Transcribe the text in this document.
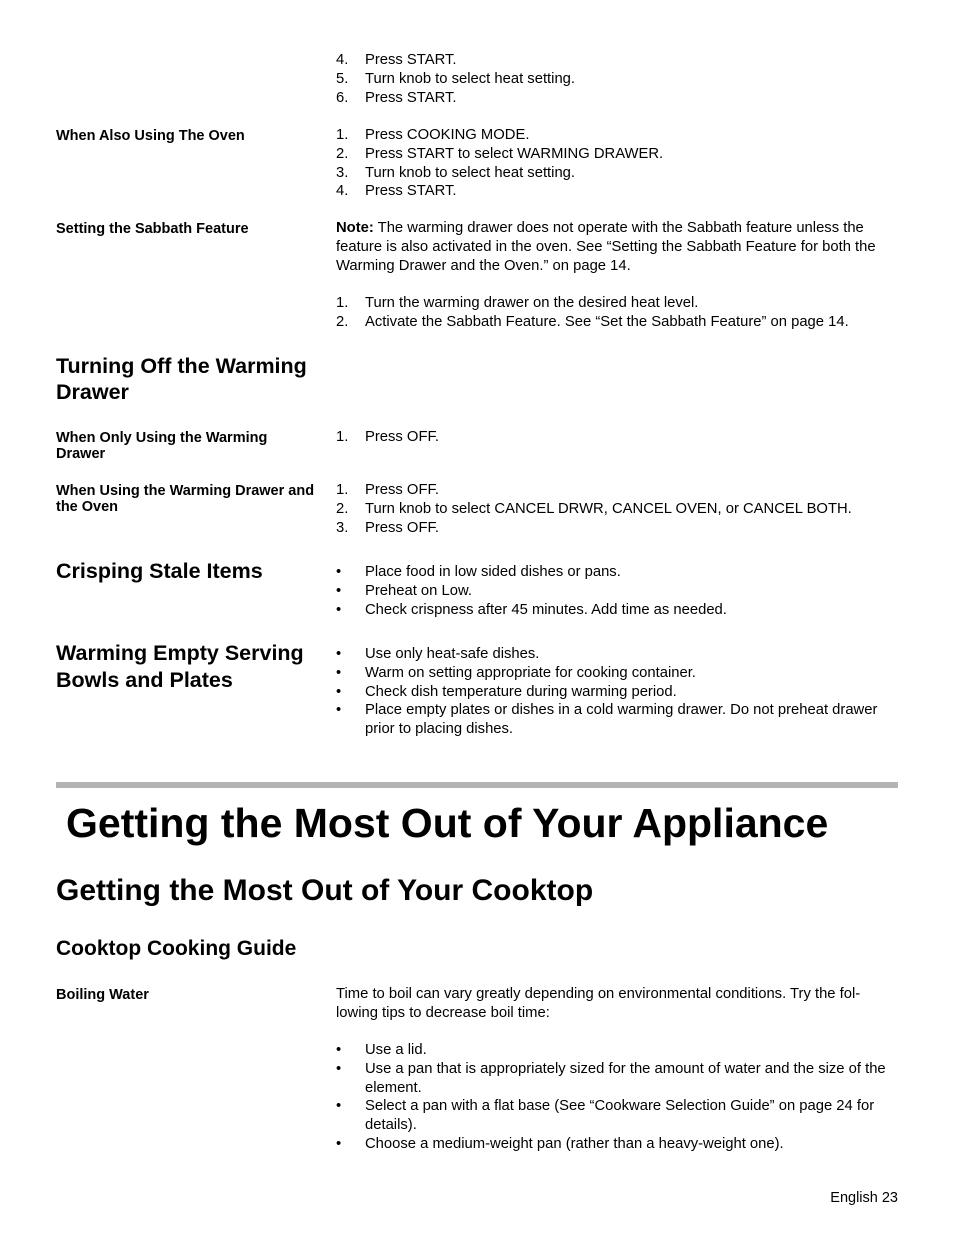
4.	Press START.
5.	Turn knob to select heat setting.
6.	Press START.
When Also Using The Oven	1.	Press COOKING MODE.
2.	Press START to select WARMING DRAWER.
3.	Turn knob to select heat setting.
4.	Press START.
Setting the Sabbath Feature	Note: The warming drawer does not operate with the Sabbath feature unless the feature is also activated in the oven. See “Setting the Sabbath Feature for both the Warming Drawer and the Oven.” on page 14.
1.	Turn the warming drawer on the desired heat level.
2.	Activate the Sabbath Feature. See “Set the Sabbath Feature” on page 14.
Turning Off the Warming Drawer
When Only Using the Warming Drawer
1.	Press OFF.
When Using the Warming Drawer and the Oven
1.	Press OFF.
2.	Turn knob to select CANCEL DRWR, CANCEL OVEN, or CANCEL BOTH.
3.	Press OFF.
Crisping Stale Items	•	Place food in low sided dishes or pans.
•	Preheat on Low.
•	Check crispness after 45 minutes. Add time as needed.
Warming Empty Serving Bowls and Plates
•	Use only heat-safe dishes.
•	Warm on setting appropriate for cooking container.
•	Check dish temperature during warming period.
•	Place empty plates or dishes in a cold warming drawer. Do not preheat drawer prior to placing dishes.
Getting the Most Out of Your Appliance
Getting the Most Out of Your Cooktop
Cooktop Cooking Guide
Boiling Water	Time to boil can vary greatly depending on environmental conditions. Try the fol-lowing tips to decrease boil time:
•	Use a lid.
•	Use a pan that is appropriately sized for the amount of water and the size of the element.
•	Select a pan with a flat base (See “Cookware Selection Guide” on page 24 for details).
•	Choose a medium-weight pan (rather than a heavy-weight one).
English 23
